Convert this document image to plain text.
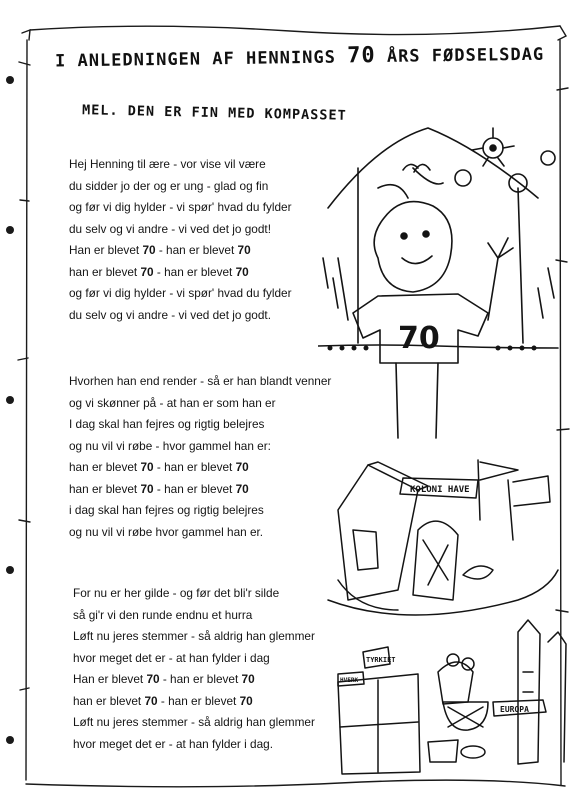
I ANLEDNINGEN AF HENNINGS 70 ÅRS FØDSELSDAG
MEL. DEN ER FIN MED KOMPASSET
Hej Henning til ære - vor vise vil være
du sidder jo der og er ung - glad og fin
og før vi dig hylder - vi spør' hvad du fylder
du selv og vi andre - vi ved det jo godt!
Han er blevet 70 - han er blevet 70
han er blevet 70 - han er blevet 70
og før vi dig hylder - vi spør' hvad du fylder
du selv og vi andre - vi ved det jo godt.
Hvorhen han end render - så er han blandt venner
og vi skønner på - at han er som han er
I dag skal han fejres og rigtig belejres
og nu vil vi røbe - hvor gammel han er:
han er blevet 70 - han er blevet 70
han er blevet 70 - han er blevet 70
i dag skal han fejres og rigtig belejres
og nu vil vi røbe hvor gammel han er.
For nu er her gilde - og før det bli'r silde
så gi'r vi den runde endnu et hurra
Løft nu jeres stemmer - så aldrig han glemmer
hvor meget det er - at han fylder i dag
Han er blevet 70 - han er blevet 70
han er blevet 70 - han er blevet 70
Løft nu jeres stemmer - så aldrig han glemmer
hvor meget det er - at han fylder i dag.
70
KOLONI HAVE
TYRKIET
HVERK
EUROPA
